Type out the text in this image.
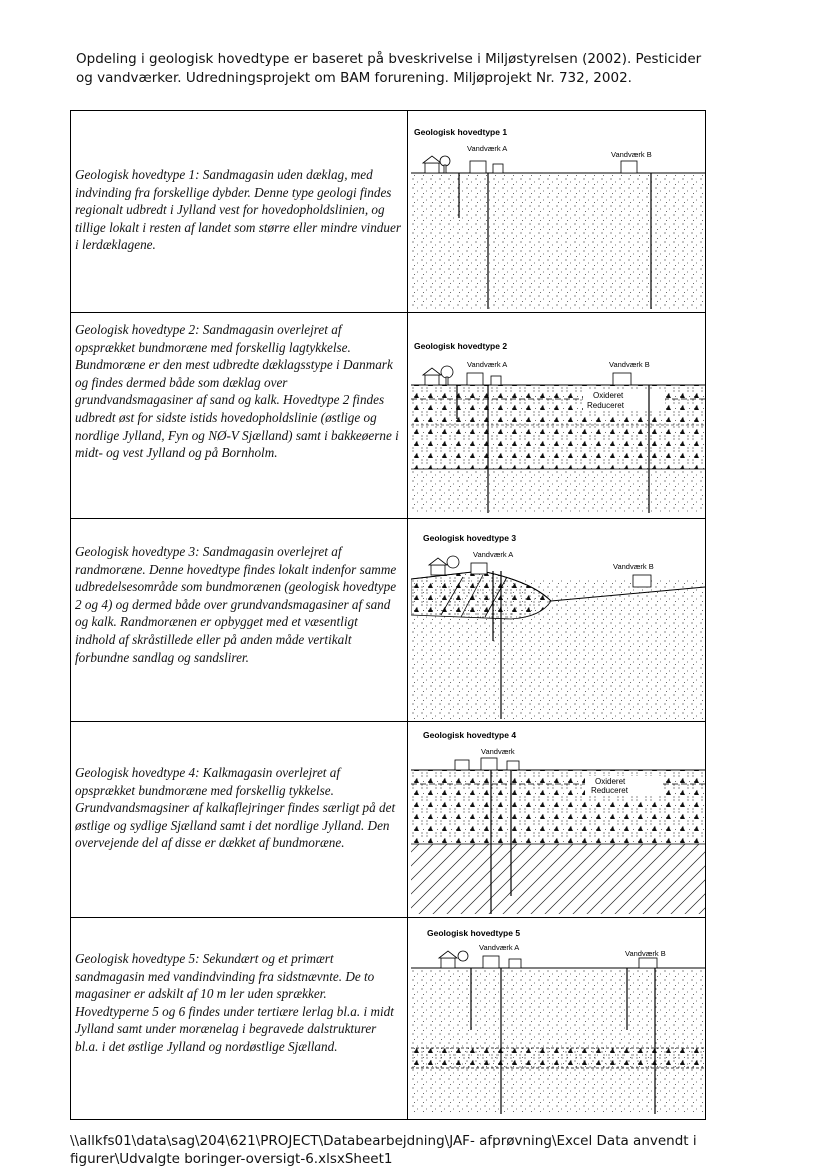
Opdeling i geologisk hovedtype er baseret på bveskrivelse i Miljøstyrelsen (2002). Pesticider og vandværker. Udredningsprojekt om BAM forurening. Miljøprojekt Nr. 732, 2002.
Geologisk hovedtype 1: Sandmagasin uden dæklag, med indvinding fra forskellige dybder. Denne type geologi findes regionalt udbredt i Jylland vest for hovedopholdslinien, og tillige lokalt i resten af landet som større eller mindre vinduer i lerdæklagene.
Geologisk hovedtype 1
Vandværk A
Vandværk B
Geologisk hovedtype 2: Sandmagasin overlejret af opsprækket bundmoræne med forskellig lagtykkelse. Bundmoræne er den mest udbredte dæklagsstype i Danmark og findes dermed både som dæklag over grundvandsmagasiner af sand og kalk. Hovedtype 2 findes udbredt øst for sidste istids hovedopholdslinie (østlige og nordlige Jylland, Fyn og NØ-V Sjælland) samt i bakkeøerne i midt- og vest Jylland og på Bornholm.
Geologisk hovedtype 2
Vandværk A	Vandværk B
Oxideret
Reduceret
Geologisk hovedtype 3: Sandmagasin overlejret af randmoræne. Denne hovedtype findes lokalt indenfor samme udbredelsesområde som bundmorænen (geologisk hovedtype 2 og 4) og dermed både over grundvandsmagasiner af sand og kalk. Randmorænen er opbygget med et væsentligt indhold af skråstillede eller på anden måde vertikalt forbundne sandlag og sandslirer.
Geologisk hovedtype 3
Vandværk A
Vandværk B
Geologisk hovedtype 4: Kalkmagasin overlejret af opsprækket bundmoræne med forskellig tykkelse. Grundvandsmagsiner af kalkaflejringer findes særligt på det østlige og sydlige Sjælland samt i det nordlige Jylland. Den overvejende del af disse er dækket af bundmoræne.
Geologisk hovedtype 4
Vandværk
Oxideret
Reduceret
Geologisk hovedtype 5: Sekundært og et primært sandmagasin med vandindvinding fra sidstnævnte. De to magasiner er adskilt af 10 m ler uden sprækker. Hovedtyperne 5 og 6 findes under tertiære lerlag bl.a. i midt Jylland samt under morænelag i begravede dalstrukturer bl.a. i det østlige Jylland og nordøstlige Sjælland.
Geologisk hovedtype 5
Vandværk A
Vandværk B
\\allkfs01\data\sag\204\621\PROJECT\Databearbejdning\JAF- afprøvning\Excel Data anvendt i figurer\Udvalgte boringer-oversigt-6.xlsxSheet1
